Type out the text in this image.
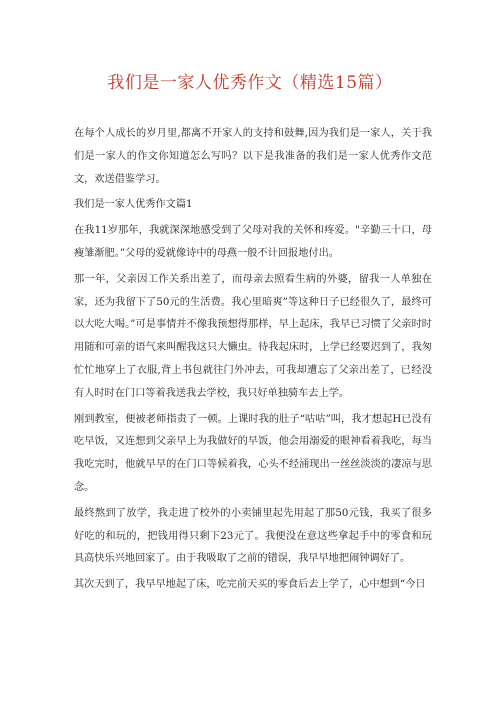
我们是一家人优秀作文（精选15篇）

在每个人成长的岁月里,都离不开家人的支持和鼓舞,因为我们是一家人，关于我们是一家人的作文你知道怎么写吗？以下是我准备的我们是一家人优秀作文范文，欢送借鉴学习。

我们是一家人优秀作文篇1

在我11岁那年，我就深深地感受到了父母对我的关怀和疼爱。"辛勤三十口，母瘦雏渐肥。”父母的爱就像诗中的母燕一般不计回报地付出。

那一年，父亲因工作关系出差了，而母亲去照看生病的外婆，留我一人单独在家，还为我留下了50元的生活费。我心里暗爽”等这种日子已经很久了，最终可以大吃大喝。”可是事情并不像我预想得那样，早上起床，我早已习惯了父亲时时用随和可亲的语气来叫醒我这只大懒虫。待我起床时，上学已经要迟到了，我匆忙忙地穿上了衣服,背上书包就往门外冲去，可我却遭忘了父亲出差了，已经没有人时时在门口等着我送我去学校，我只好单独骑车去上学。

刚到教室，便被老师指责了一顿。上课时我的肚子“咕咕”叫，我才想起H已没有吃早饭，又连想到父亲早上为我做好的早饭，他会用溺爱的眼神看着我吃，每当我吃完时，他就早早的在门口等候着我，心头不经涌现出一丝丝淡淡的凄凉与思念。

最终熬到了放学，我走进了校外的小卖铺里起先用起了那50元钱，我买了很多好吃的和玩的，把钱用得只剩下23元了。我便没在意这些拿起手中的零食和玩具高快乐兴地回家了。由于我吸取了之前的错误，我早早地把闹钟调好了。

其次天到了，我早早地起了床，吃完前天买的零食后去上学了，心中想到“今日
